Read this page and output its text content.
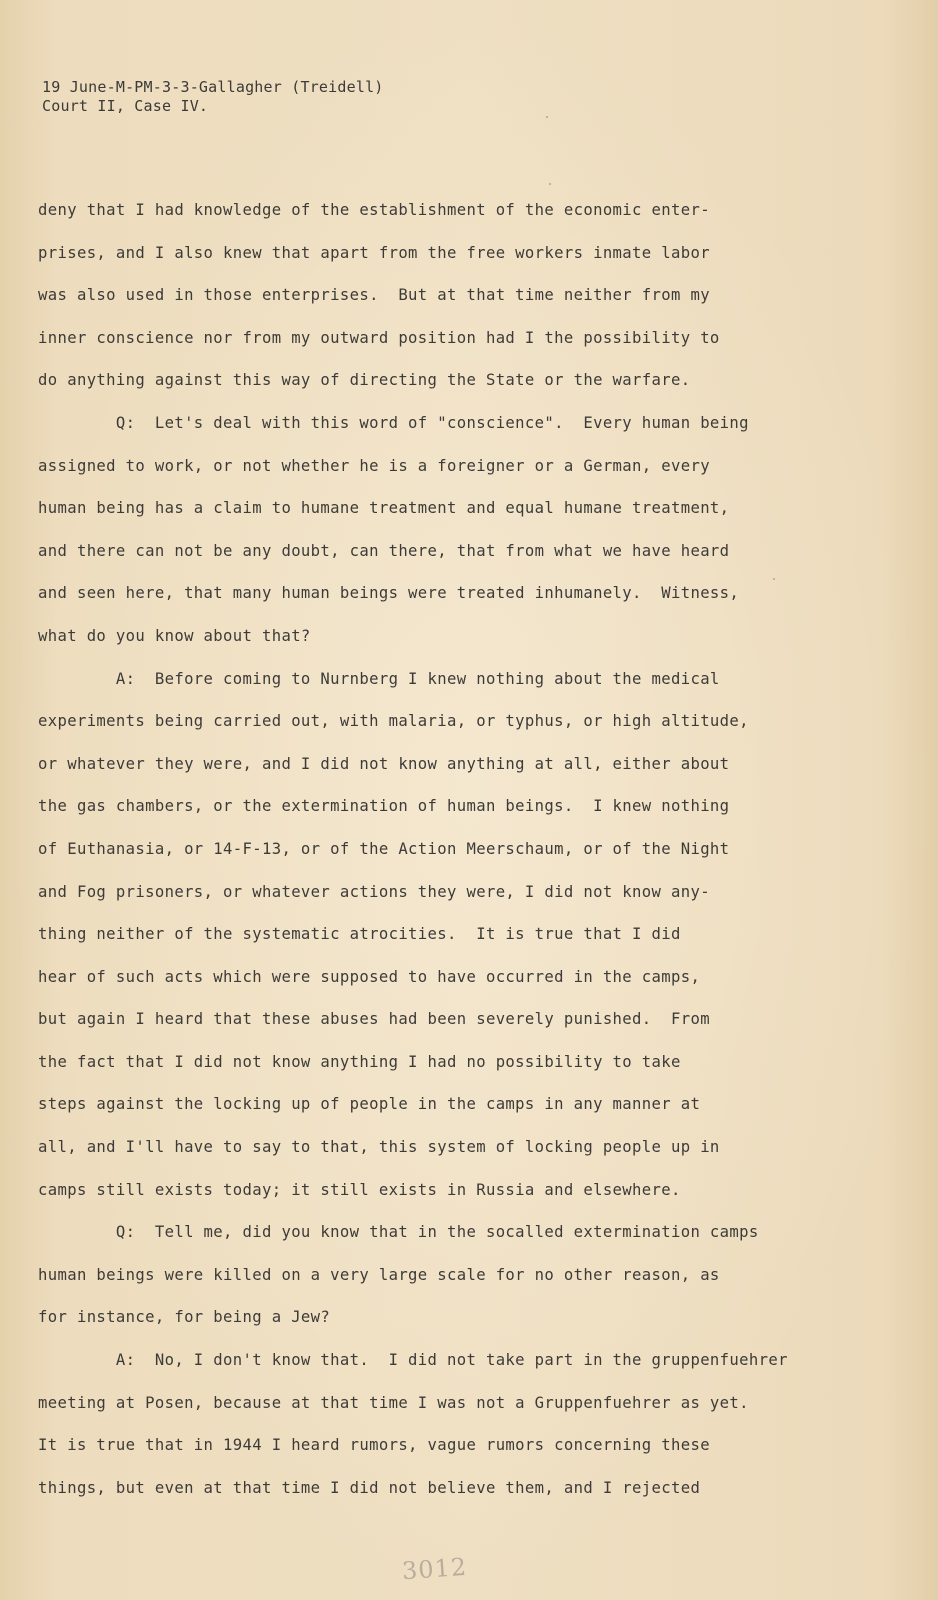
19 June-M-PM-3-3-Gallagher (Treidell)
Court II, Case IV.
deny that I had knowledge of the establishment of the economic enter-
prises, and I also knew that apart from the free workers inmate labor
was also used in those enterprises.  But at that time neither from my
inner conscience nor from my outward position had I the possibility to
do anything against this way of directing the State or the warfare.
Q:  Let's deal with this word of "conscience".  Every human being
assigned to work, or not whether he is a foreigner or a German, every
human being has a claim to humane treatment and equal humane treatment,
and there can not be any doubt, can there, that from what we have heard
and seen here, that many human beings were treated inhumanely.  Witness,
what do you know about that?
A:  Before coming to Nurnberg I knew nothing about the medical
experiments being carried out, with malaria, or typhus, or high altitude,
or whatever they were, and I did not know anything at all, either about
the gas chambers, or the extermination of human beings.  I knew nothing
of Euthanasia, or 14-F-13, or of the Action Meerschaum, or of the Night
and Fog prisoners, or whatever actions they were, I did not know any-
thing neither of the systematic atrocities.  It is true that I did
hear of such acts which were supposed to have occurred in the camps,
but again I heard that these abuses had been severely punished.  From
the fact that I did not know anything I had no possibility to take
steps against the locking up of people in the camps in any manner at
all, and I'll have to say to that, this system of locking people up in
camps still exists today; it still exists in Russia and elsewhere.
Q:  Tell me, did you know that in the socalled extermination camps
human beings were killed on a very large scale for no other reason, as
for instance, for being a Jew?
A:  No, I don't know that.  I did not take part in the gruppenfuehrer
meeting at Posen, because at that time I was not a Gruppenfuehrer as yet.
It is true that in 1944 I heard rumors, vague rumors concerning these
things, but even at that time I did not believe them, and I rejected
3012
